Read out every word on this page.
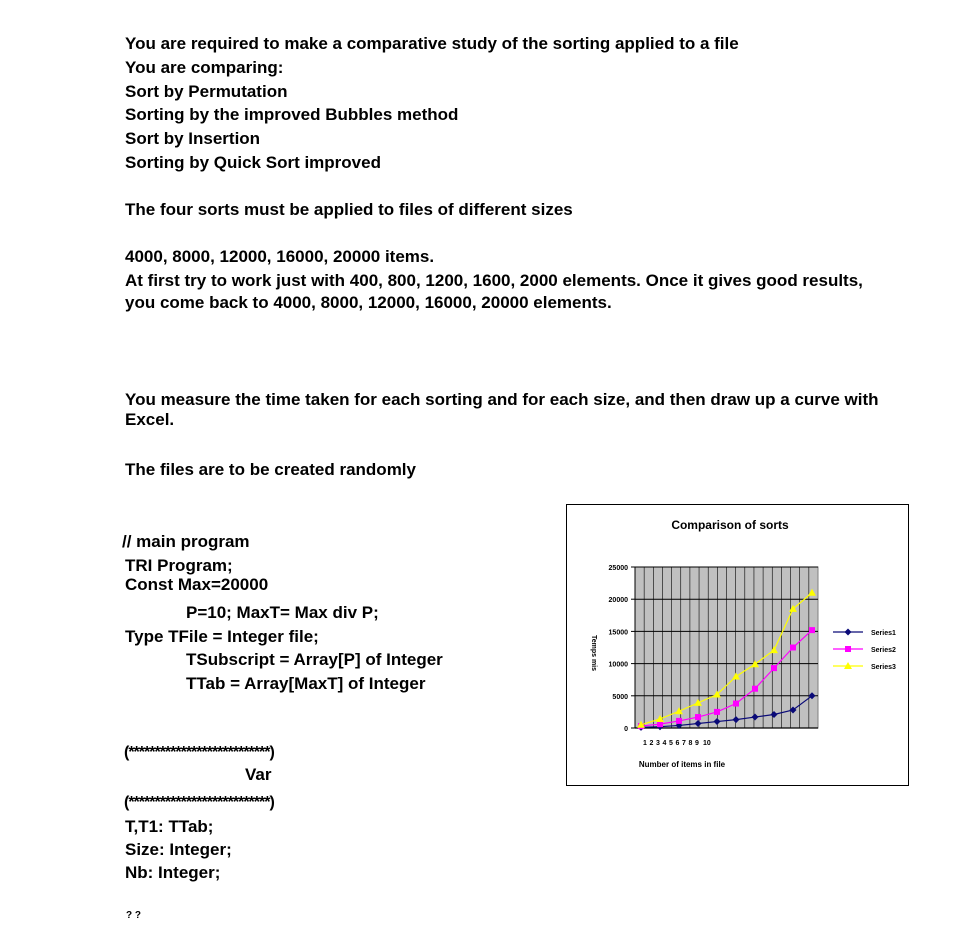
You are required to make a comparative study of the sorting applied to a file
You are comparing:
Sort by Permutation
Sorting by the improved Bubbles method
Sort by Insertion
Sorting by Quick Sort improved
The four sorts must be applied to files of different sizes
4000, 8000, 12000, 16000, 20000 items.
At first try to work just with 400, 800, 1200, 1600, 2000 elements. Once it gives good results, you come back to 4000, 8000, 12000, 16000, 20000 elements.
You measure the time taken for each sorting and for each size, and then draw up a curve with Excel.
The files are to be created randomly
// main program
TRI Program;
Const Max=20000
P=10; MaxT= Max div P;
Type TFile = Integer file;
TSubscript = Array[P] of Integer
TTab = Array[MaxT] of Integer
(***************************)
Var
(***************************)
T,T1: TTab;
Size: Integer;
Nb: Integer;
? ?
Comparison of sorts
Number of items in file
Temps mis
0
5000
10000
15000
20000
25000
1 2 3 4 5 6 7 8 9 10
Series1
Series2
Series3
